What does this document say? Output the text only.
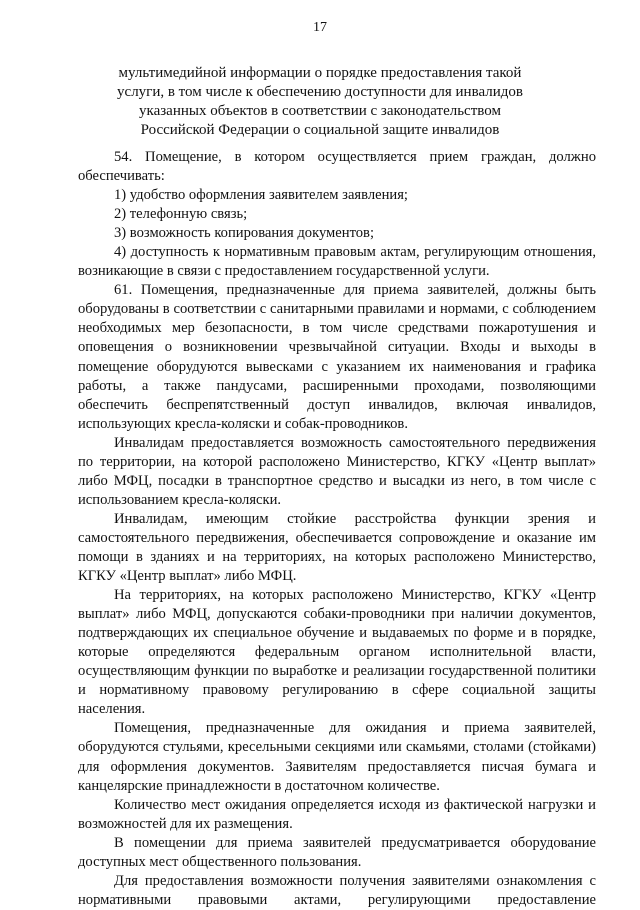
17
мультимедийной информации о порядке предоставления такой
услуги, в том числе к обеспечению доступности для инвалидов
указанных объектов в соответствии с законодательством
Российской Федерации о социальной защите инвалидов

54. Помещение, в котором осуществляется прием граждан, должно обеспечивать:

1) удобство оформления заявителем заявления;

2) телефонную связь;

3) возможность копирования документов;

4) доступность к нормативным правовым актам, регулирующим отношения, возникающие в связи с предоставлением государственной услуги.

61. Помещения, предназначенные для приема заявителей, должны быть оборудованы в соответствии с санитарными правилами и нормами, с соблюдением необходимых мер безопасности, в том числе средствами пожаротушения и оповещения о возникновении чрезвычайной ситуации. Входы и выходы в помещение оборудуются вывесками с указанием их наименования и графика работы, а также пандусами, расширенными проходами, позволяющими обеспечить беспрепятственный доступ инвалидов, включая инвалидов, использующих кресла-коляски и собак-проводников.

Инвалидам предоставляется возможность самостоятельного передвижения по территории, на которой расположено Министерство, КГКУ «Центр выплат» либо МФЦ, посадки в транспортное средство и высадки из него, в том числе с использованием кресла-коляски.

Инвалидам, имеющим стойкие расстройства функции зрения и самостоятельного передвижения, обеспечивается сопровождение и оказание им помощи в зданиях и на территориях, на которых расположено Министерство, КГКУ «Центр выплат» либо МФЦ.

На территориях, на которых расположено Министерство, КГКУ «Центр выплат» либо МФЦ, допускаются собаки-проводники при наличии документов, подтверждающих их специальное обучение и выдаваемых по форме и в порядке, которые определяются федеральным органом исполнительной власти, осуществляющим функции по выработке и реализации государственной политики и нормативному правовому регулированию в сфере социальной защиты населения.

Помещения, предназначенные для ожидания и приема заявителей, оборудуются стульями, кресельными секциями или скамьями, столами (стойками) для оформления документов. Заявителям предоставляется писчая бумага и канцелярские принадлежности в достаточном количестве.

Количество мест ожидания определяется исходя из фактической нагрузки и возможностей для их размещения.

В помещении для приема заявителей предусматривается оборудование доступных мест общественного пользования.

Для предоставления возможности получения заявителями ознакомления с нормативными правовыми актами, регулирующими предоставление
